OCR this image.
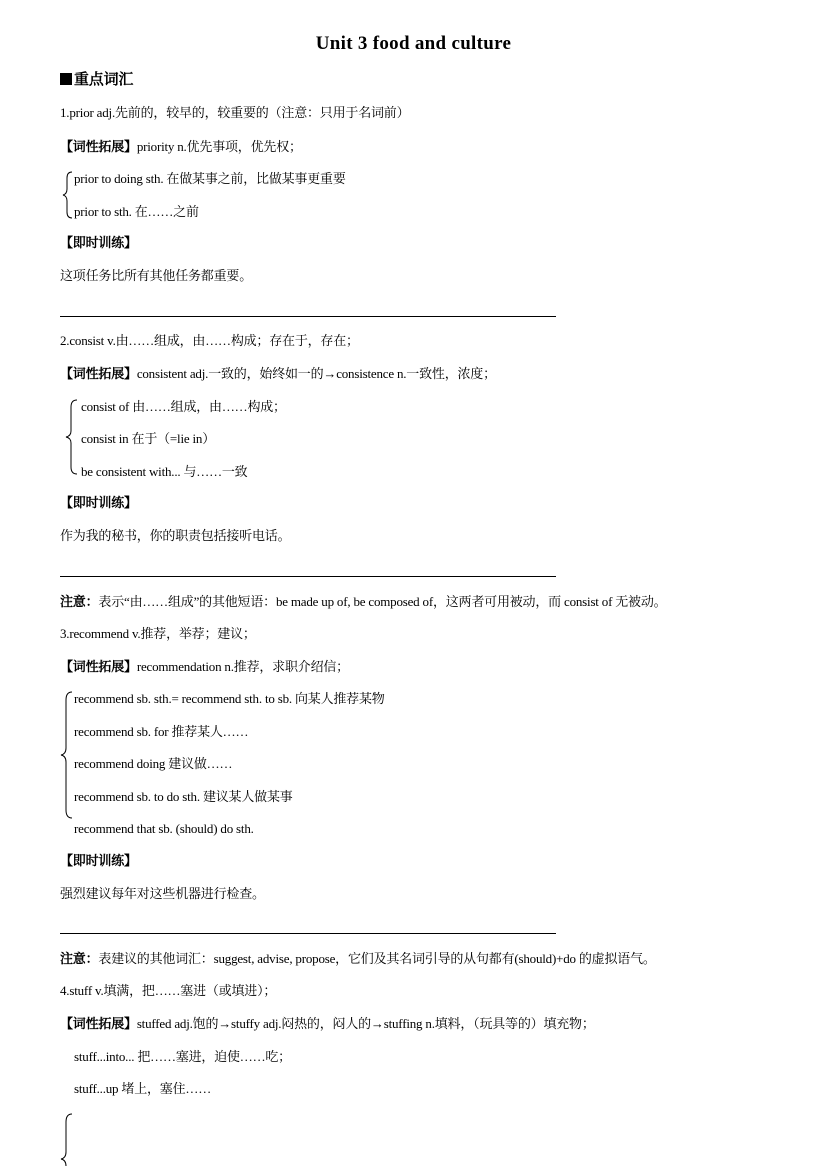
Unit 3 food and culture
重点词汇
1.prior adj.先前的，较早的，较重要的（注意：只用于名词前）
【词性拓展】priority n.优先事项，优先权；
prior to doing sth. 在做某事之前，比做某事更重要
prior to sth. 在……之前
【即时训练】
这项任务比所有其他任务都重要。
2.consist v.由……组成，由……构成；存在于，存在；
【词性拓展】consistent adj.一致的，始终如一的→consistence n.一致性，浓度；
consist of 由……组成，由……构成；
consist in 在于（=lie in）
be consistent with... 与……一致
【即时训练】
作为我的秘书，你的职责包括接听电话。
注意：表示“由……组成”的其他短语：be made up of, be composed of，这两者可用被动，而 consist of 无被动。
3.recommend v.推荐，举荐；建议；
【词性拓展】recommendation n.推荐，求职介绍信；
recommend sb. sth.= recommend sth. to sb. 向某人推荐某物
recommend sb. for 推荐某人……
recommend doing 建议做……
recommend sb. to do sth. 建议某人做某事
recommend that sb. (should) do sth.
【即时训练】
强烈建议每年对这些机器进行检查。
注意：表建议的其他词汇：suggest, advise, propose，它们及其名词引导的从句都有(should)+do 的虚拟语气。
4.stuff v.填满，把……塞进（或填进）；
【词性拓展】stuffed adj.饱的→stuffy adj.闷热的，闷人的→stuffing n.填料，（玩具等的）填充物；
stuff...into... 把……塞进，迫使……吃；
stuff...up 堵上，塞住……
